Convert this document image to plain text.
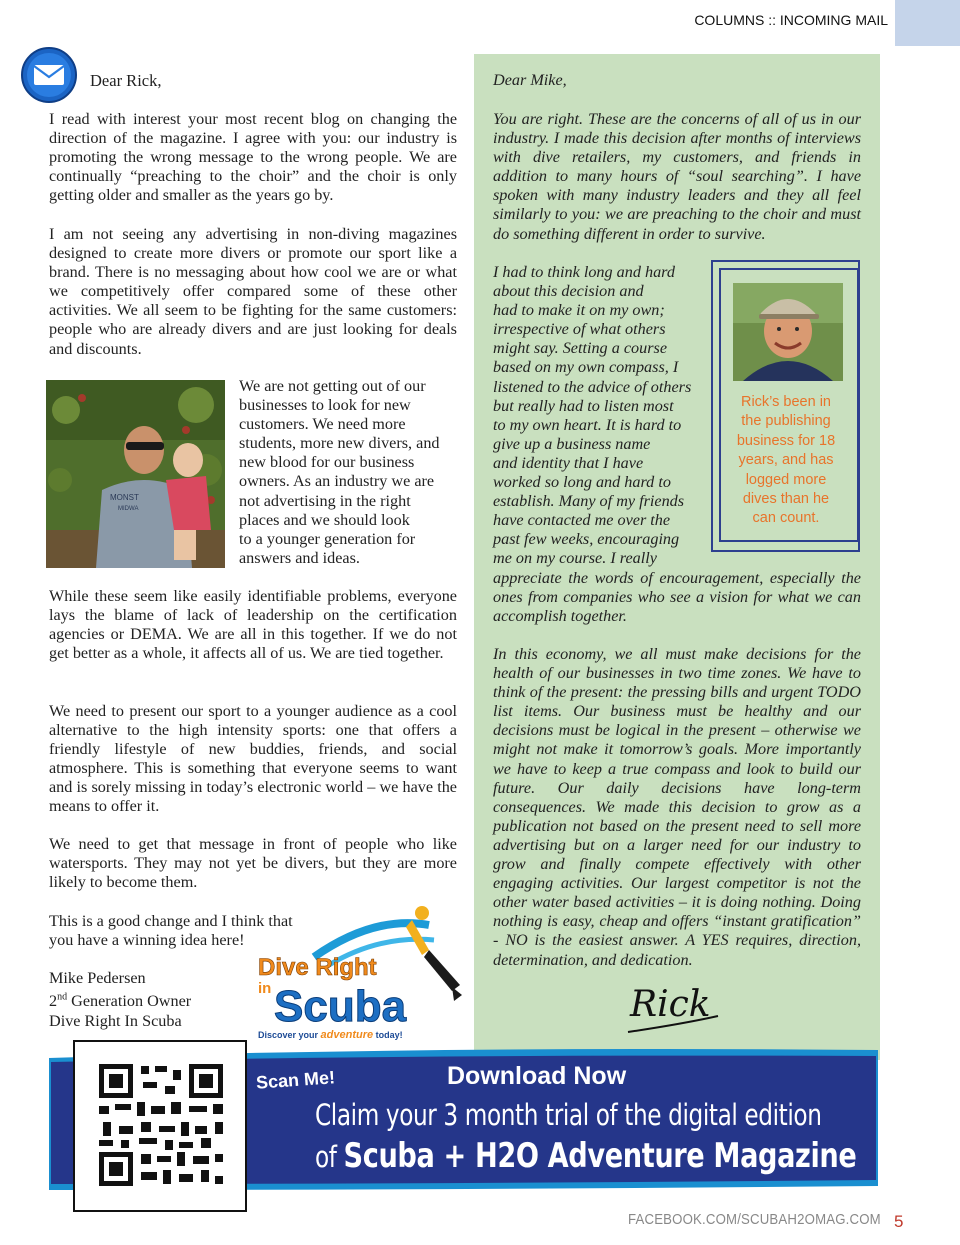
COLUMNS :: INCOMING MAIL
Dear Rick,

I read with interest your most recent blog on changing the direction of the magazine. I agree with you: our industry is promoting the wrong message to the wrong people. We are continually “preaching to the choir” and the choir is only getting older and smaller as the years go by.

I am not seeing any advertising in non-diving magazines designed to create more divers or promote our sport like a brand. There is no messaging about how cool we are or what we competitively offer compared some of these other activities. We all seem to be fighting for the same customers: people who are already divers and are just looking for deals and discounts.

MONST
MIDWA

We are not getting out of our
businesses to look for new
customers. We need more
students, more new divers, and
new blood for our business
owners. As an industry we are
not advertising in the right
places and we should look
to a younger generation for
answers and ideas.

While these seem like easily identifiable problems, everyone lays the blame of lack of leadership on the certification agencies or DEMA. We are all in this together. If we do not get better as a whole, it affects all of us. We are tied together.

We need to present our sport to a younger audience as a cool alternative to the high intensity sports: one that offers a friendly lifestyle of new buddies, friends, and social atmosphere. This is something that everyone seems to want and is sorely missing in today’s electronic world – we have the means to offer it.

We need to get that message in front of people who like watersports. They may not yet be divers, but they are more likely to become them.

This is a good change and I think that
you have a winning idea here!

Mike Pedersen
2nd Generation Owner
Dive Right In Scuba

Dive Right
in Scuba
Discover your adventure today!
Dear Mike,

You are right. These are the concerns of all of us in our industry. I made this decision after months of interviews with dive retailers, my customers, and friends in addition to many hours of “soul searching”. I have spoken with many industry leaders and they all feel similarly to you: we are preaching to the choir and must do something different in order to survive.

I had to think long and hard
about this decision and
had to make it on my own;
irrespective of what others
might say. Setting a course
based on my own compass, I
listened to the advice of others
but really had to listen most
to my own heart. It is hard to
give up a business name
and identity that I have
worked so long and hard to
establish. Many of my friends
have contacted me over the
past few weeks, encouraging
me on my course. I really

appreciate the words of encouragement, especially the ones from companies who see a vision for what we can accomplish together.

In this economy, we all must make decisions for the health of our businesses in two time zones. We have to think of the present: the pressing bills and urgent TODO list items. Our business must be healthy and our decisions must be logical in the present – otherwise we might not make it tomorrow’s goals. More importantly we have to keep a true compass and look to build our future. Our daily decisions have long-term consequences. We made this decision to grow as a publication not based on the present need to sell more advertising but on a larger need for our industry to grow and finally compete effectively with other engaging activities. Our largest competitor is not the other water based activities – it is doing nothing. Doing nothing is easy, cheap and offers “instant gratification” - NO is the easiest answer. A YES requires, direction, determination, and dedication.

Rick’s been in
the publishing
business for 18
years, and has
logged more
dives than he
can count.
Rick
Scan Me!	Download Now
Claim your 3 month trial of the digital edition
of Scuba + H2O Adventure Magazine
FACEBOOK.COM/SCUBAH2OMAG.COM 5
